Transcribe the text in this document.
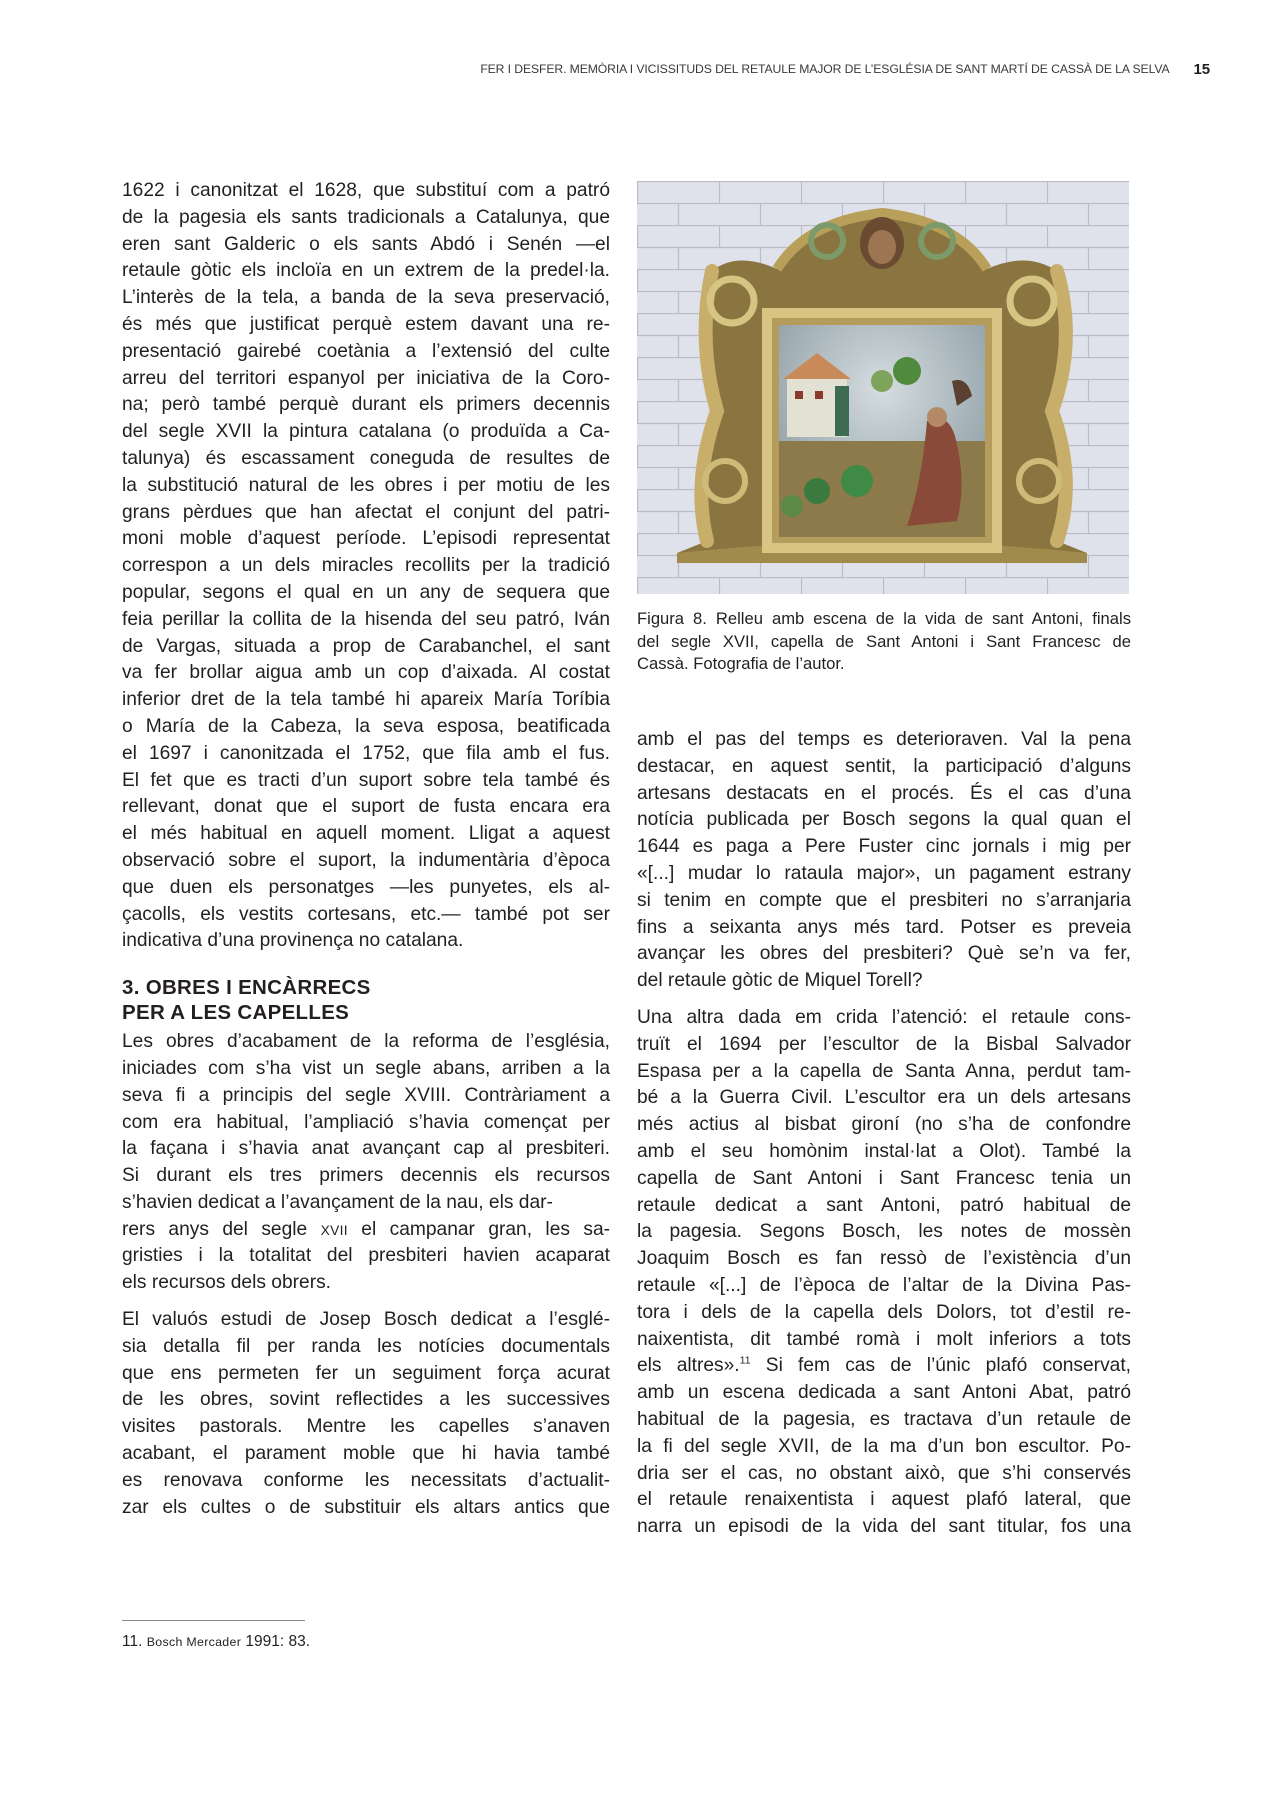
FER I DESFER. MEMÒRIA I VICISSITUDS DEL RETAULE MAJOR DE L’ESGLÉSIA DE SANT MARTÍ DE CASSÀ DE LA SELVA 15

1622 i canonitzat el 1628, que substituí com a patró
de la pagesia els sants tradicionals a Catalunya, que
eren sant Galderic o els sants Abdó i Senén —el
retaule gòtic els incloïa en un extrem de la predel·la.
L’interès de la tela, a banda de la seva preservació,
és més que justificat perquè estem davant una re-
presentació gairebé coetània a l’extensió del culte
arreu del territori espanyol per iniciativa de la Coro-
na; però també perquè durant els primers decennis
del segle XVII la pintura catalana (o produïda a Ca-
talunya) és escassament coneguda de resultes de
la substitució natural de les obres i per motiu de les
grans pèrdues que han afectat el conjunt del patri-
moni moble d’aquest període. L’episodi representat
correspon a un dels miracles recollits per la tradició
popular, segons el qual en un any de sequera que
feia perillar la collita de la hisenda del seu patró, Iván
de Vargas, situada a prop de Carabanchel, el sant
va fer brollar aigua amb un cop d’aixada. Al costat
inferior dret de la tela també hi apareix María Toríbia
o María de la Cabeza, la seva esposa, beatificada
el 1697 i canonitzada el 1752, que fila amb el fus.
El fet que es tracti d’un suport sobre tela també és
rellevant, donat que el suport de fusta encara era
el més habitual en aquell moment. Lligat a aquest
observació sobre el suport, la indumentària d’època
que duen els personatges —les punyetes, els al-
çacolls, els vestits cortesans, etc.— també pot ser
indicativa d’una provinença no catalana.

3. OBRES I ENCÀRRECS
PER A LES CAPELLES

Les obres d’acabament de la reforma de l’església,
iniciades com s’ha vist un segle abans, arriben a la
seva fi a principis del segle XVIII. Contràriament a
com era habitual, l’ampliació s’havia començat per
la façana i s’havia anat avançant cap al presbiteri.
Si durant els tres primers decennis els recursos
s’havien dedicat a l’avançament de la nau, els dar-
rers anys del segle XVII el campanar gran, les sa-
gristies i la totalitat del presbiteri havien acaparat
els recursos dels obrers.

El valuós estudi de Josep Bosch dedicat a l’esglé-
sia detalla fil per randa les notícies documentals
que ens permeten fer un seguiment força acurat
de les obres, sovint reflectides a les successives
visites pastorals. Mentre les capelles s’anaven
acabant, el parament moble que hi havia també
es renovava conforme les necessitats d’actualit-
zar els cultes o de substituir els altars antics que

Figura 8. Relleu amb escena de la vida de sant Antoni, finals
del segle XVII, capella de Sant Antoni i Sant Francesc de
Cassà. Fotografia de l’autor.

amb el pas del temps es deterioraven. Val la pena
destacar, en aquest sentit, la participació d’alguns
artesans destacats en el procés. És el cas d’una
notícia publicada per Bosch segons la qual quan el
1644 es paga a Pere Fuster cinc jornals i mig per
«[...] mudar lo rataula major», un pagament estrany
si tenim en compte que el presbiteri no s’arranjaria
fins a seixanta anys més tard. Potser es preveia
avançar les obres del presbiteri? Què se’n va fer,
del retaule gòtic de Miquel Torell?

Una altra dada em crida l’atenció: el retaule cons-
truït el 1694 per l’escultor de la Bisbal Salvador
Espasa per a la capella de Santa Anna, perdut tam-
bé a la Guerra Civil. L’escultor era un dels artesans
més actius al bisbat gironí (no s’ha de confondre
amb el seu homònim instal·lat a Olot). També la
capella de Sant Antoni i Sant Francesc tenia un
retaule dedicat a sant Antoni, patró habitual de
la pagesia. Segons Bosch, les notes de mossèn
Joaquim Bosch es fan ressò de l’existència d’un
retaule «[...] de l’època de l’altar de la Divina Pas-
tora i dels de la capella dels Dolors, tot d’estil re-
naixentista, dit també romà i molt inferiors a tots
els altres».$^{11}$ Si fem cas de l’únic plafó conservat,
amb un escena dedicada a sant Antoni Abat, patró
habitual de la pagesia, es tractava d’un retaule de
la fi del segle XVII, de la ma d’un bon escultor. Po-
dria ser el cas, no obstant això, que s’hi conservés
el retaule renaixentista i aquest plafó lateral, que
narra un episodi de la vida del sant titular, fos una

11. Bosch Mercader 1991: 83.
